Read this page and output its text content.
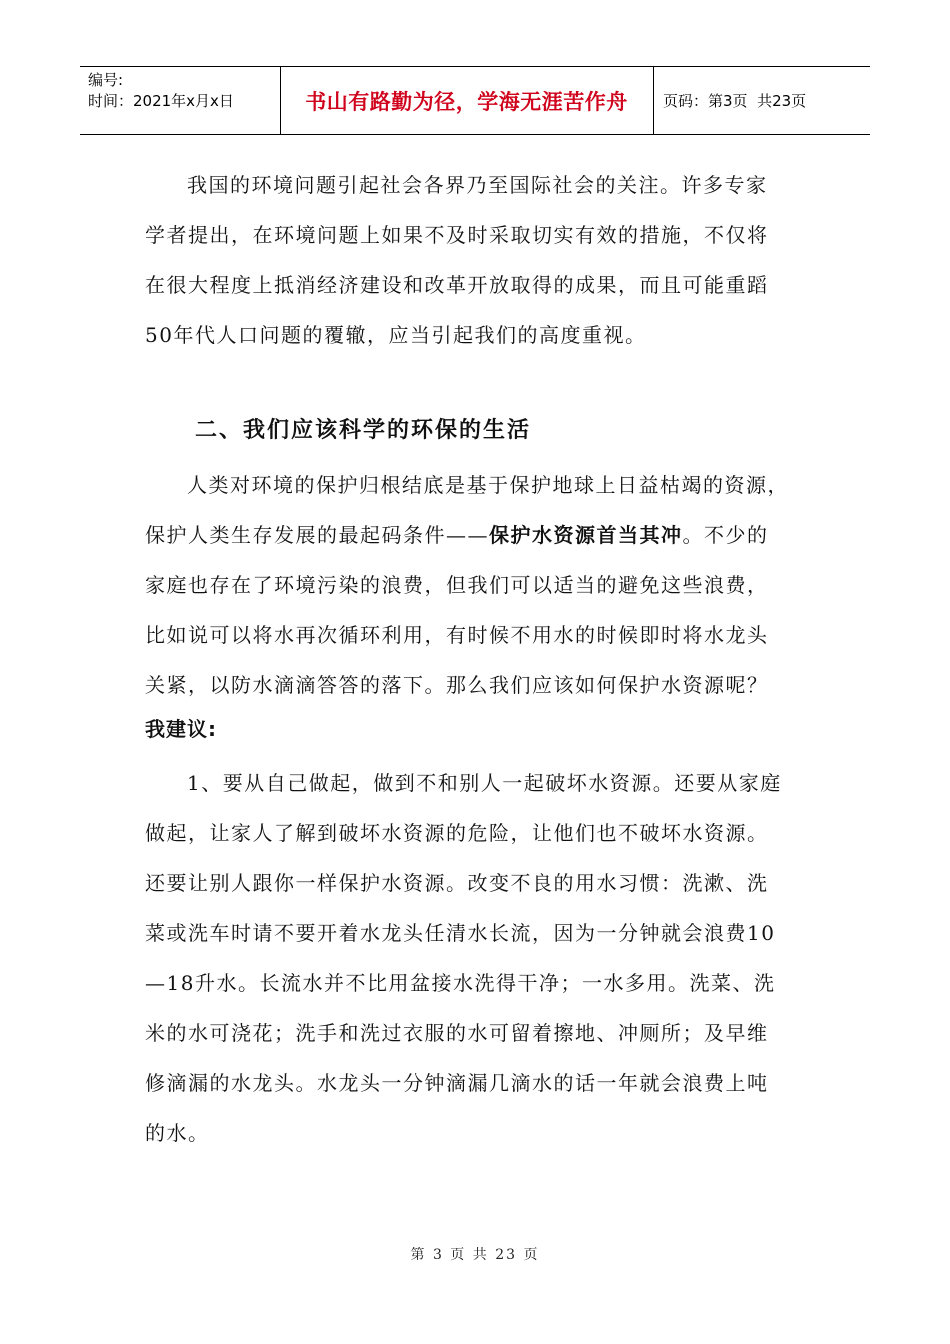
编号:
时间：2021年x月x日	书山有路勤为径，学海无涯苦作舟	页码：第3页  共23页

我国的环境问题引起社会各界乃至国际社会的关注。许多专家

学者提出，在环境问题上如果不及时采取切实有效的措施，不仅将

在很大程度上抵消经济建设和改革开放取得的成果，而且可能重蹈

50年代人口问题的覆辙，应当引起我们的高度重视。

二、我们应该科学的环保的生活

人类对环境的保护归根结底是基于保护地球上日益枯竭的资源，

保护人类生存发展的最起码条件——保护水资源首当其冲。不少的

家庭也存在了环境污染的浪费，但我们可以适当的避免这些浪费，

比如说可以将水再次循环利用，有时候不用水的时候即时将水龙头

关紧，以防水滴滴答答的落下。那么我们应该如何保护水资源呢？

我建议:

1、要从自己做起，做到不和别人一起破坏水资源。还要从家庭

做起，让家人了解到破坏水资源的危险，让他们也不破坏水资源。

还要让别人跟你一样保护水资源。改变不良的用水习惯：洗漱、洗

菜或洗车时请不要开着水龙头任清水长流，因为一分钟就会浪费10

—18升水。长流水并不比用盆接水洗得干净；一水多用。洗菜、洗

米的水可浇花；洗手和洗过衣服的水可留着擦地、冲厕所；及早维

修滴漏的水龙头。水龙头一分钟滴漏几滴水的话一年就会浪费上吨

的水。

第 3 页 共 23 页
